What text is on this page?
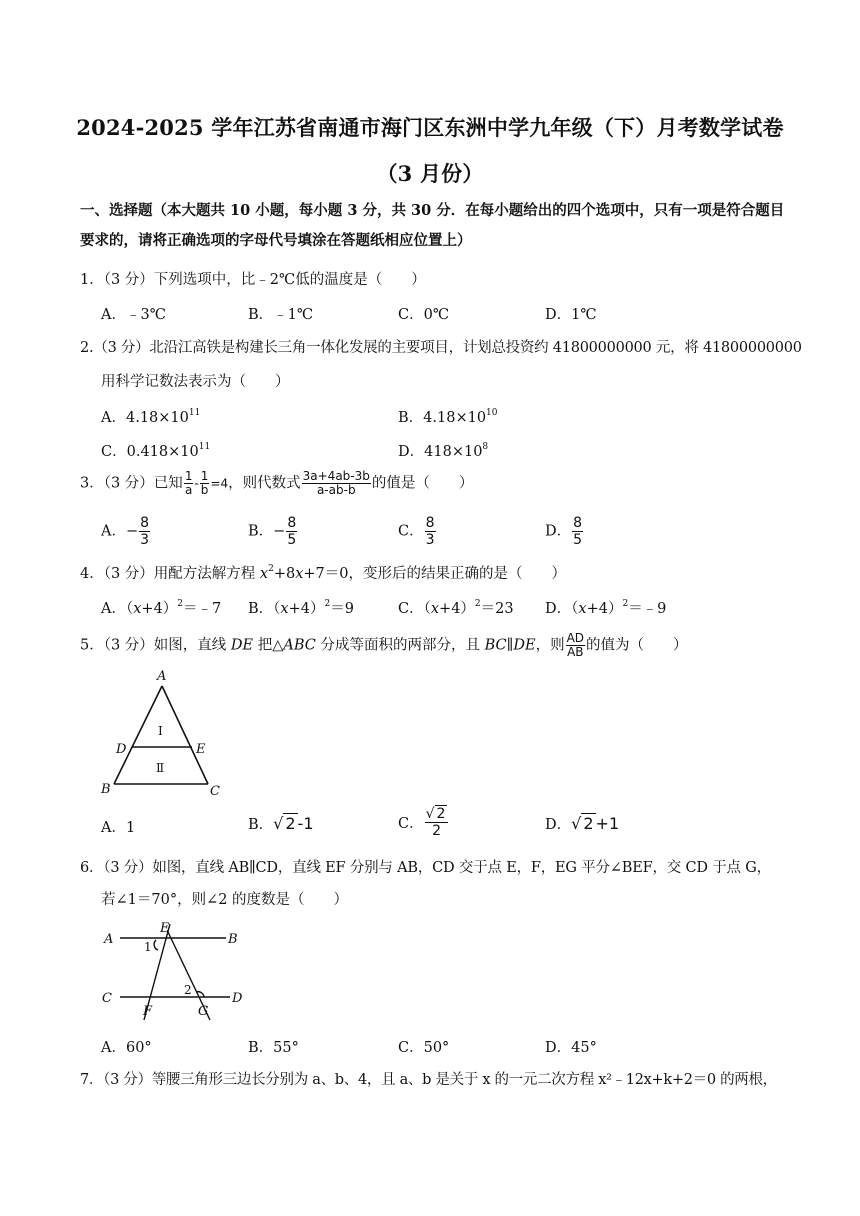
2024-2025 学年江苏省南通市海门区东洲中学九年级（下）月考数学试卷
（3 月份）
一、选择题（本大题共 10 小题，每小题 3 分，共 30 分．在每小题给出的四个选项中，只有一项是符合题目要求的，请将正确选项的字母代号填涂在答题纸相应位置上）
1．（3 分）下列选项中，比﹣2℃低的温度是（　　）
A．﹣3℃	B．﹣1℃	C．0℃	D．1℃
2.（3 分）北沿江高铁是构建长三角一体化发展的主要项目，计划总投资约 41800000000 元，将 41800000000
用科学记数法表示为（　　）
A．$4.18\times 10^{11}$	B．$4.18\times 10^{10}$
C．$0.418\times 10^{11}$	D．$418\times 10^8$
3．（3 分）已知 $\frac{1}{a} - \frac{1}{b} =4$，则代数式 $\frac{3a+4ab-3b}{a-ab-b}$ 的值是（　　）
A．− $\frac{8}{3}$	B．− $\frac{8}{5}$	C． $\frac{8}{3}$	D． $\frac{8}{5}$
4．（3 分）用配方法解方程 $x^2+8x+7=0$，变形后的结果正确的是（　　）
A．$(x+4)^2=﹣7$ B．$(x+4)^2=9$	C．$(x+4)^2=23$ D．$(x+4)^2=﹣9$
5．（3 分）如图，直线 DE 把△ABC 分成等面积的两部分，且 BC∥DE，则 $\frac{AD}{AB}$ 的值为（　　）
A
B	C
D	E
Ⅰ
Ⅱ
A．1	B．√ 2 -1	C． $\frac{√ 2}{2}$	D．√ 2 +1
6．（3 分）如图，直线 AB∥CD，直线 EF 分别与 AB，CD 交于点 E，F，EG 平分∠BEF，交 CD 于点 G，
若∠1＝70°，则∠2 的度数是（　　）
A	B
C	D
E
F	G
1
2
A．60°	B．55°	C．50°	D．45°
7．（3 分）等腰三角形三边长分别为 a、b、4，且 a、b 是关于 x 的一元二次方程 x²﹣12x+k+2＝0 的两根，
